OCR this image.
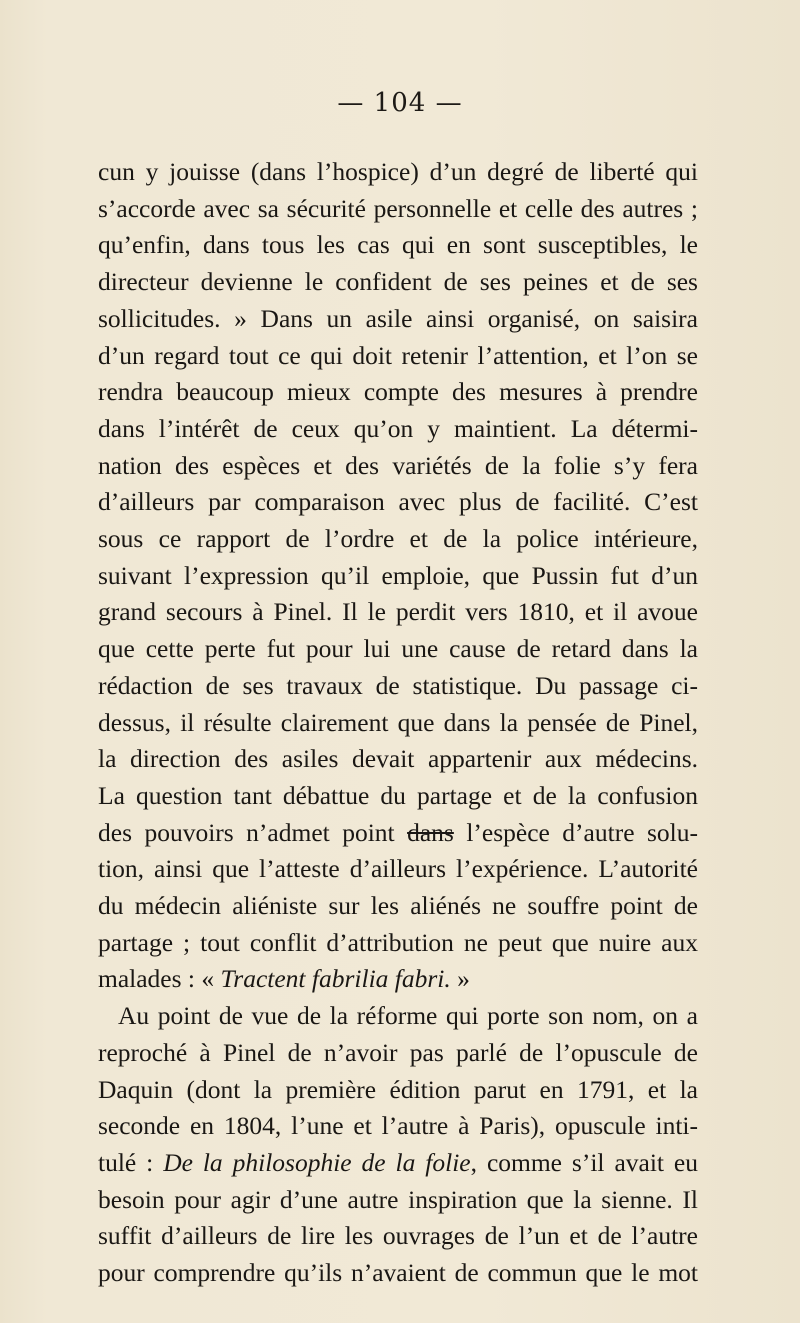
— 104 —
cun y jouisse (dans l’hospice) d’un degré de liberté qui
s’accorde avec sa sécurité personnelle et celle des autres ;
qu’enfin, dans tous les cas qui en sont susceptibles, le
directeur devienne le confident de ses peines et de ses
sollicitudes. » Dans un asile ainsi organisé, on saisira
d’un regard tout ce qui doit retenir l’attention, et l’on se
rendra beaucoup mieux compte des mesures à prendre
dans l’intérêt de ceux qu’on y maintient. La détermi-
nation des espèces et des variétés de la folie s’y fera
d’ailleurs par comparaison avec plus de facilité. C’est
sous ce rapport de l’ordre et de la police intérieure,
suivant l’expression qu’il emploie, que Pussin fut d’un
grand secours à Pinel. Il le perdit vers 1810, et il avoue
que cette perte fut pour lui une cause de retard dans la
rédaction de ses travaux de statistique. Du passage ci-
dessus, il résulte clairement que dans la pensée de Pinel,
la direction des asiles devait appartenir aux médecins.
La question tant débattue du partage et de la confusion
des pouvoirs n’admet point dans l’espèce d’autre solu-
tion, ainsi que l’atteste d’ailleurs l’expérience. L’autorité
du médecin aliéniste sur les aliénés ne souffre point de
partage ; tout conflit d’attribution ne peut que nuire aux
malades : « Tractent fabrilia fabri. »
Au point de vue de la réforme qui porte son nom, on a
reproché à Pinel de n’avoir pas parlé de l’opuscule de
Daquin (dont la première édition parut en 1791, et la
seconde en 1804, l’une et l’autre à Paris), opuscule inti-
tulé : De la philosophie de la folie, comme s’il avait eu
besoin pour agir d’une autre inspiration que la sienne. Il
suffit d’ailleurs de lire les ouvrages de l’un et de l’autre
pour comprendre qu’ils n’avaient de commun que le mot
